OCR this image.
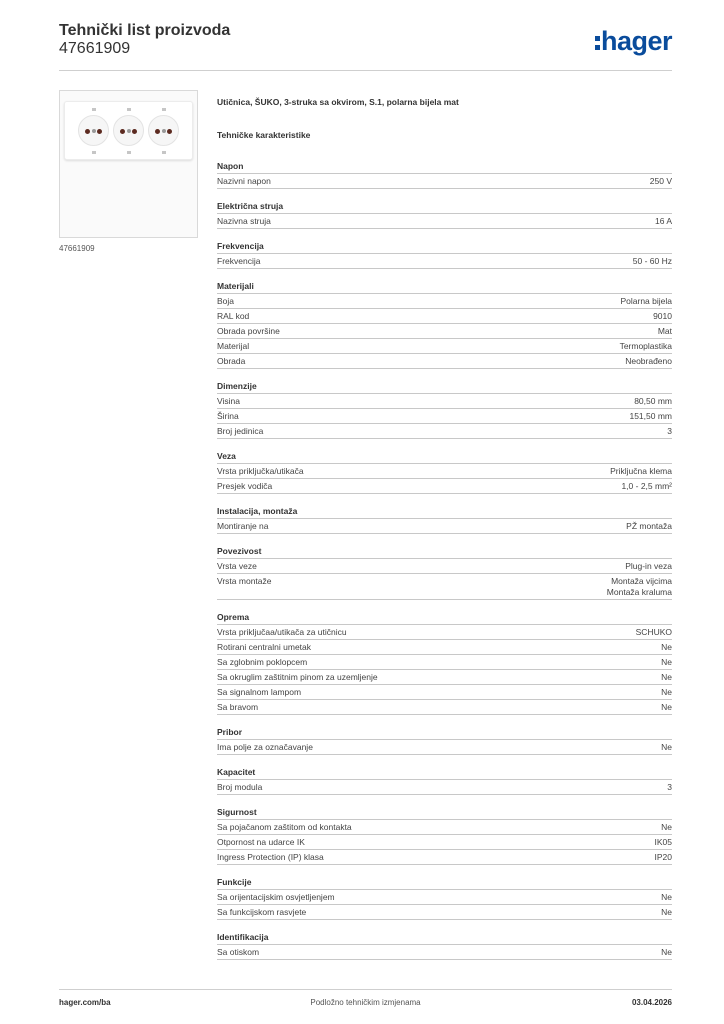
Tehnički list proizvoda
47661909	hager
47661909
Utičnica, ŠUKO, 3-struka sa okvirom, S.1, polarna bijela mat
Tehničke karakteristike
Napon
Nazivni napon	250 V
Električna struja
Nazivna struja	16 A
Frekvencija
Frekvencija	50 - 60 Hz
Materijali
Boja	Polarna bijela
RAL kod	9010
Obrada površine	Mat
Materijal	Termoplastika
Obrada	Neobrađeno
Dimenzije
Visina	80,50 mm
Širina	151,50 mm
Broj jedinica	3
Veza
Vrsta priključka/utikača	Priključna klema
Presjek vodiča	1,0 - 2,5 mm²
Instalacija, montaža
Montiranje na	PŽ montaža
Povezivost
Vrsta veze	Plug-in veza
Vrsta montaže	Montaža vijcima
Montaža kraluma
Oprema
Vrsta priključaa/utikača za utičnicu	SCHUKO
Rotirani centralni umetak	Ne
Sa zglobnim poklopcem	Ne
Sa okruglim zaštitnim pinom za uzemljenje	Ne
Sa signalnom lampom	Ne
Sa bravom	Ne
Pribor
Ima polje za označavanje	Ne
Kapacitet
Broj modula	3
Sigurnost
Sa pojačanom zaštitom od kontakta	Ne
Otpornost na udarce IK	IK05
Ingress Protection (IP) klasa	IP20
Funkcije
Sa orijentacijskim osvjetljenjem	Ne
Sa funkcijskom rasvjete	Ne
Identifikacija
Sa otiskom	Ne
hager.com/ba	Podložno tehničkim izmjenama	03.04.2026
